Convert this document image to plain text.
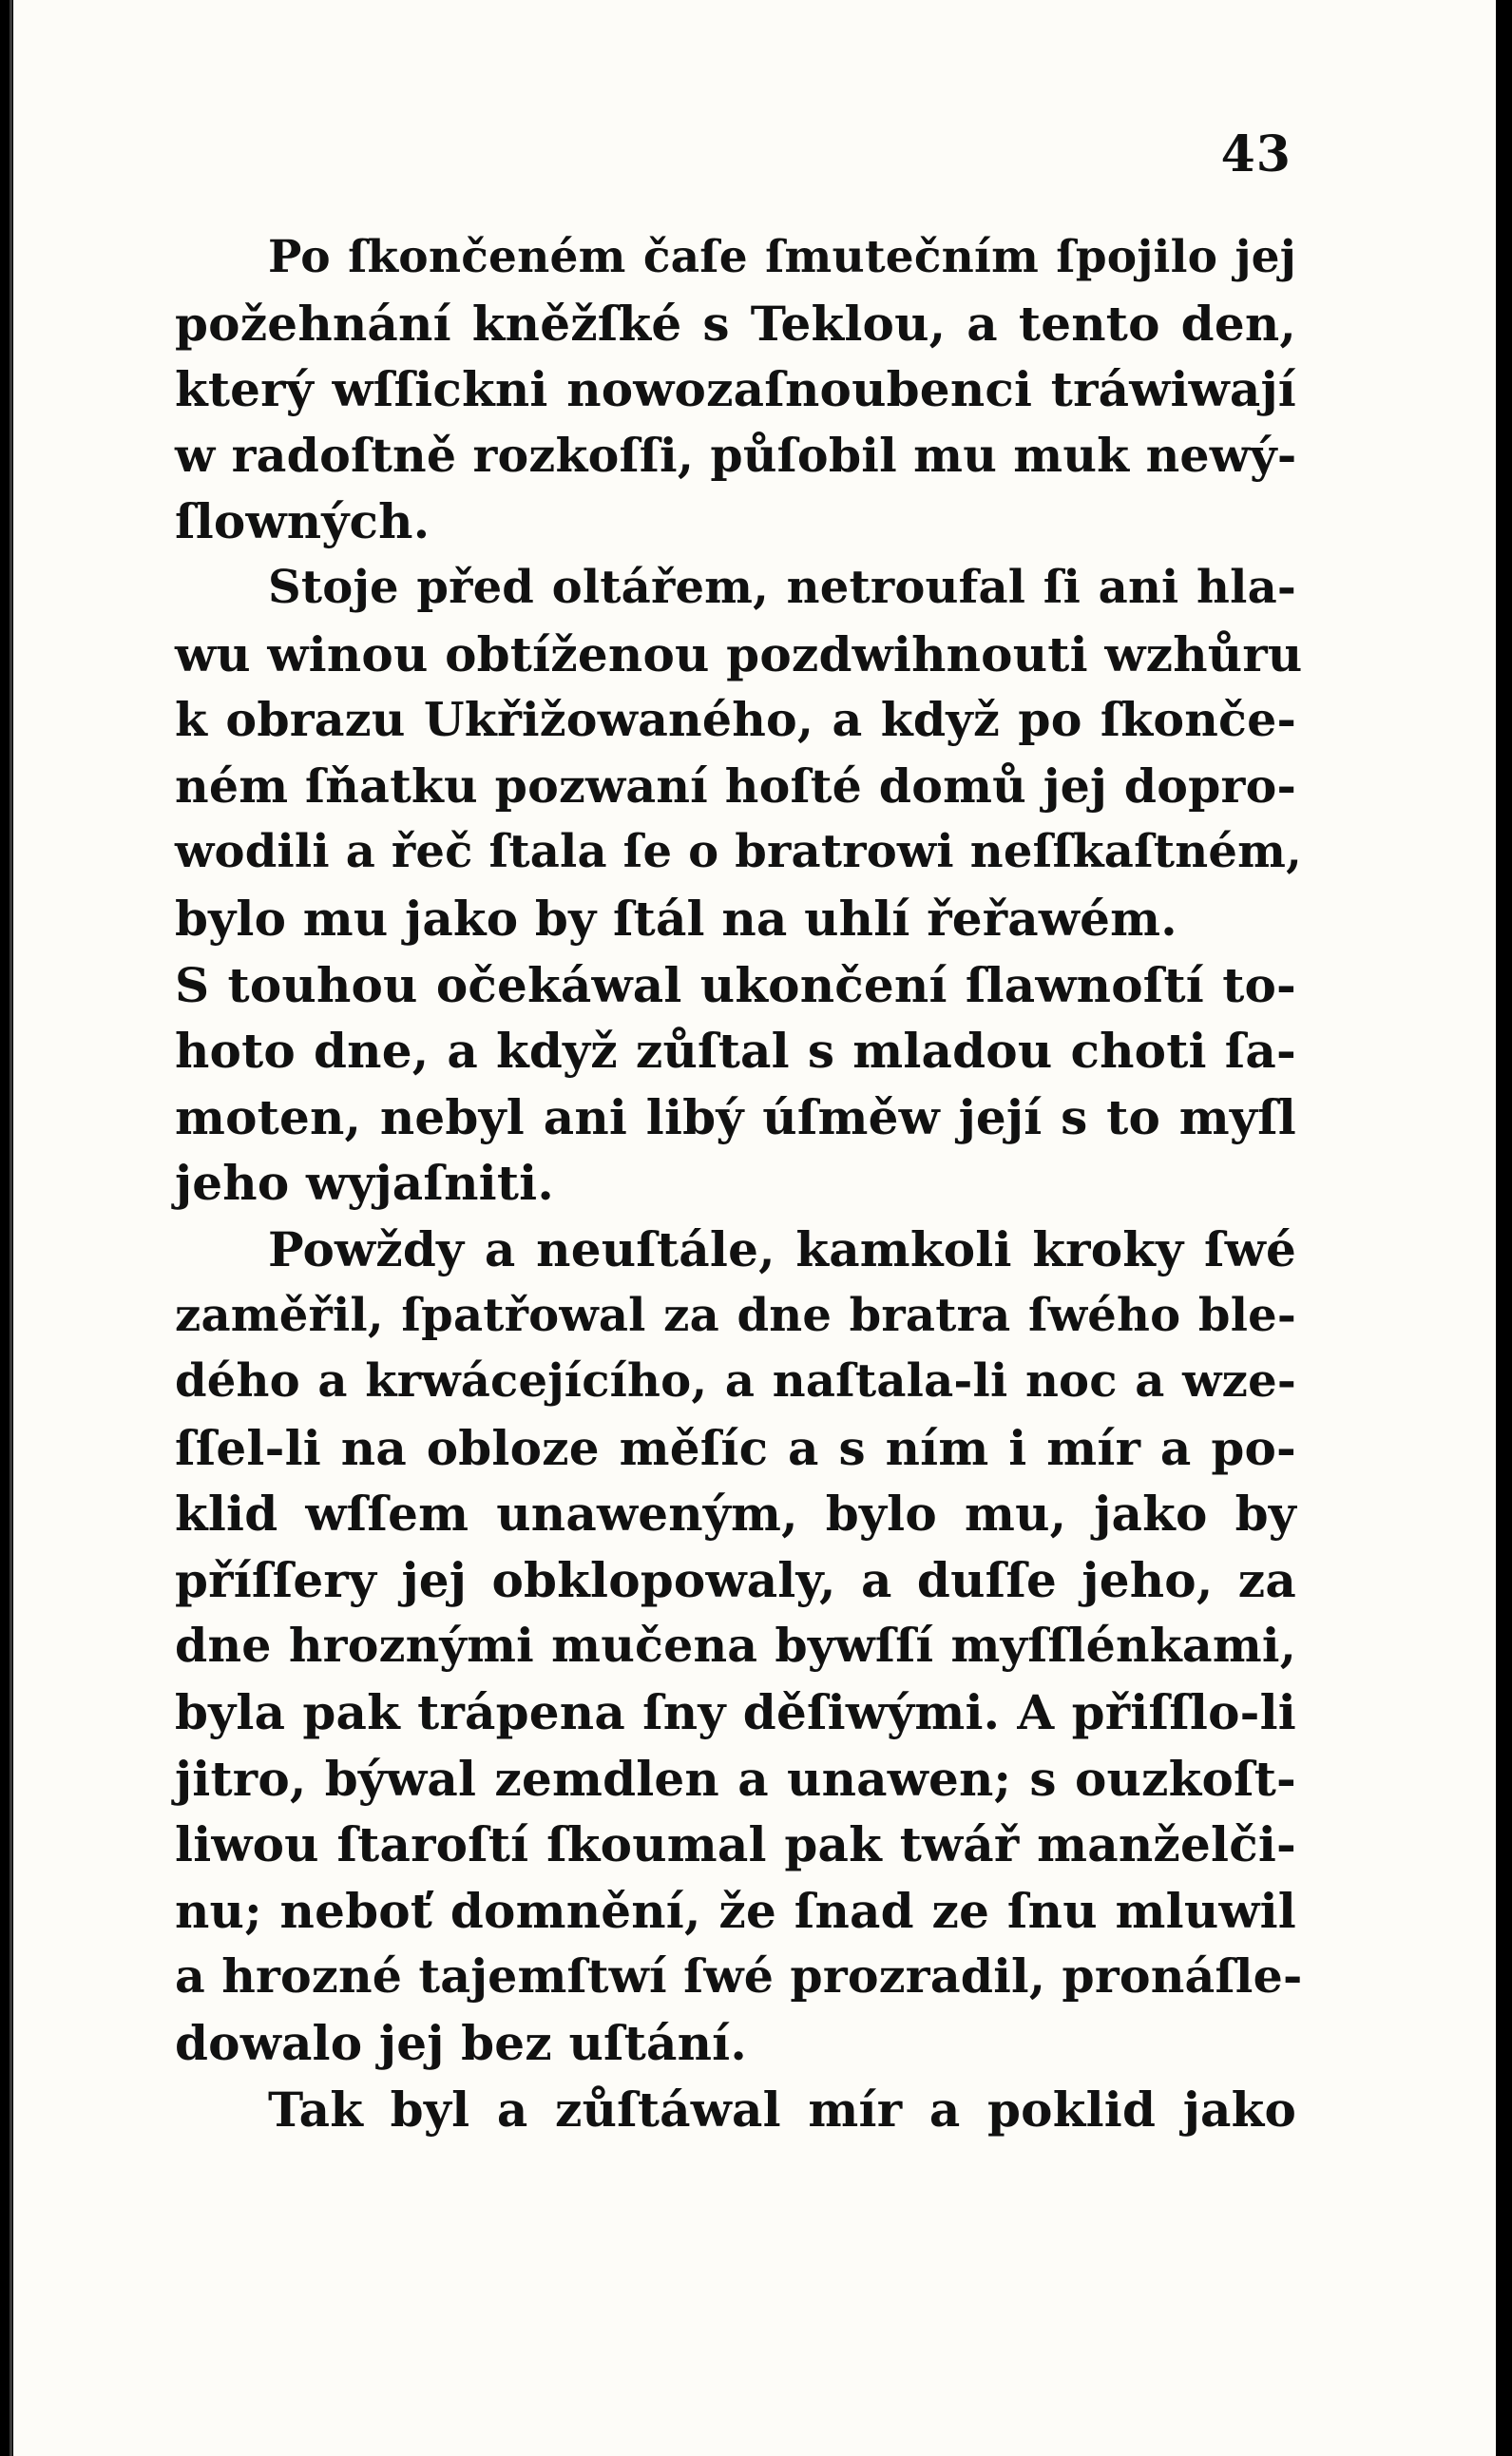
43
Po ſkončeném čaſe ſmutečním ſpojilo jej
požehnání kněžſké s Teklou, a tento den,
který wſſickni nowozaſnoubenci tráwiwají
w radoſtně rozkoſſi, půſobil mu muk newý-
ſlowných.
Stoje před oltářem, netroufal ſi ani hla-
wu winou obtíženou pozdwihnouti wzhůru
k obrazu Ukřižowaného, a když po ſkonče-
ném ſňatku pozwaní hoſté domů jej dopro-
wodili a řeč ſtala ſe o bratrowi neſſkaſtném,
bylo mu jako by ſtál na uhlí řeřawém.
S touhou očekáwal ukončení ſlawnoſtí to-
hoto dne, a když zůſtal s mladou choti ſa-
moten, nebyl ani libý úſměw její s to myſl
jeho wyjaſniti.
Powždy a neuſtále, kamkoli kroky ſwé
zaměřil, ſpatřowal za dne bratra ſwého ble-
dého a krwácejícího, a naſtala-li noc a wze-
ſſel-li na obloze měſíc a s ním i mír a po-
klid wſſem unaweným, bylo mu, jako by
příſſery jej obklopowaly, a duſſe jeho, za
dne hroznými mučena bywſſí myſſlénkami,
byla pak trápena ſny děſiwými. A přiſſlo-li
jitro, býwal zemdlen a unawen; s ouzkoſt-
liwou ſtaroſtí ſkoumal pak twář manželči-
nu; neboť domnění, že ſnad ze ſnu mluwil
a hrozné tajemſtwí ſwé prozradil, pronáſle-
dowalo jej bez uſtání.
Tak byl a zůſtáwal mír a poklid jako
